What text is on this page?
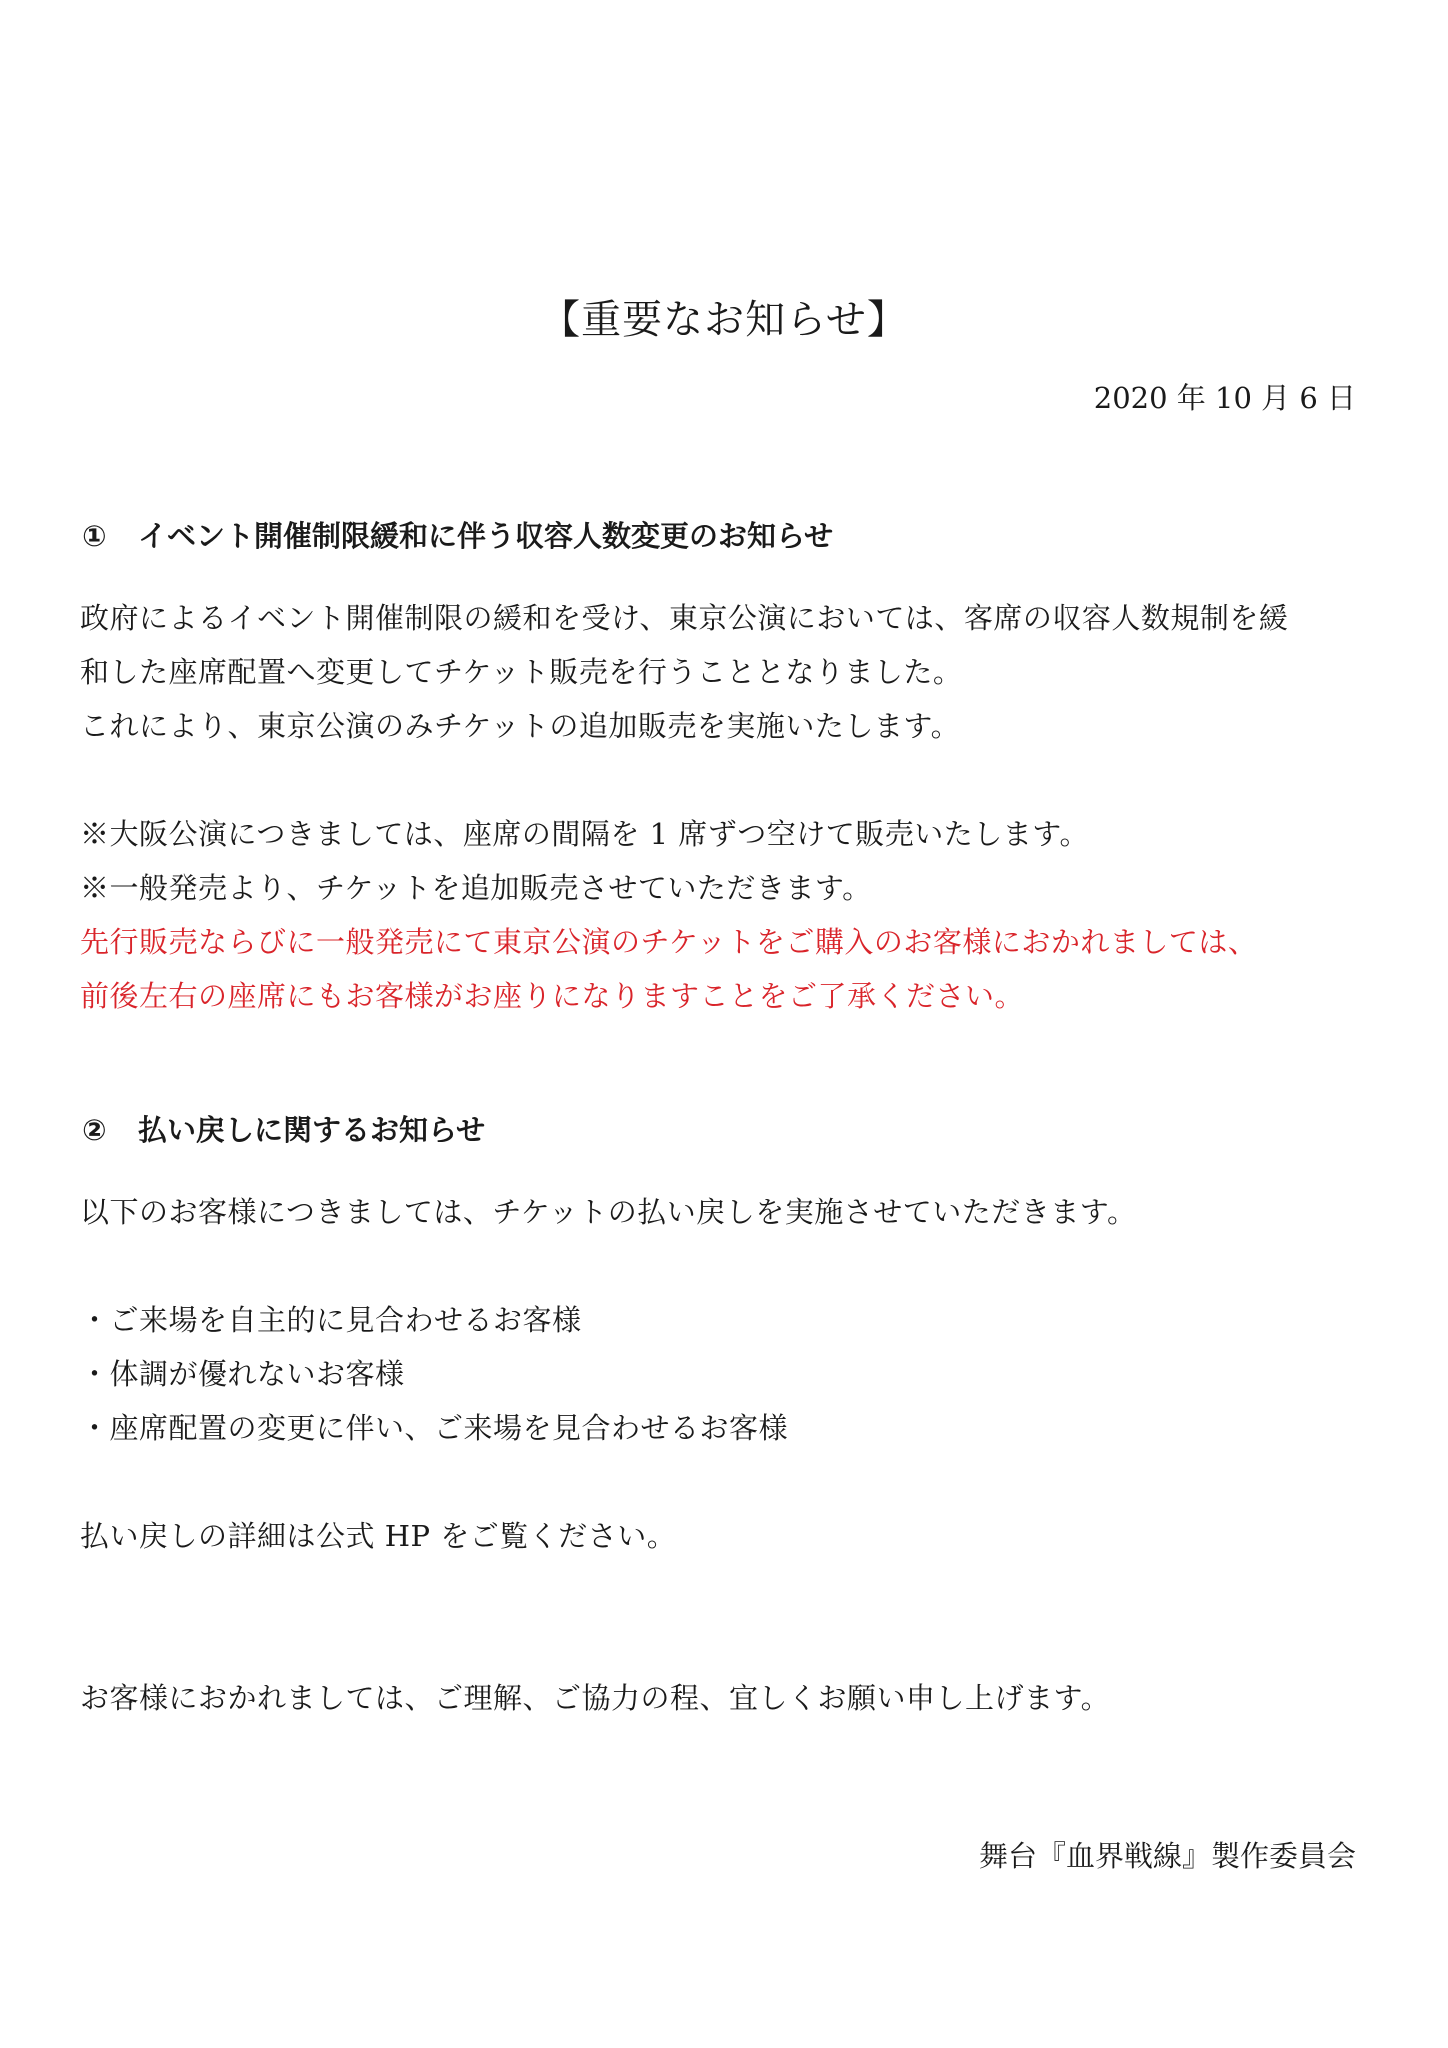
【重要なお知らせ】
2020 年 10 月 6 日
① イベント開催制限緩和に伴う収容人数変更のお知らせ
政府によるイベント開催制限の緩和を受け、東京公演においては、客席の収容人数規制を緩
和した座席配置へ変更してチケット販売を行うこととなりました。
これにより、東京公演のみチケットの追加販売を実施いたします。
※大阪公演につきましては、座席の間隔を 1 席ずつ空けて販売いたします。
※一般発売より、チケットを追加販売させていただきます。
先行販売ならびに一般発売にて東京公演のチケットをご購入のお客様におかれましては、
前後左右の座席にもお客様がお座りになりますことをご了承ください。
② 払い戻しに関するお知らせ
以下のお客様につきましては、チケットの払い戻しを実施させていただきます。
・ご来場を自主的に見合わせるお客様
・体調が優れないお客様
・座席配置の変更に伴い、ご来場を見合わせるお客様
払い戻しの詳細は公式 HP をご覧ください。
お客様におかれましては、ご理解、ご協力の程、宜しくお願い申し上げます。
舞台『血界戦線』製作委員会
